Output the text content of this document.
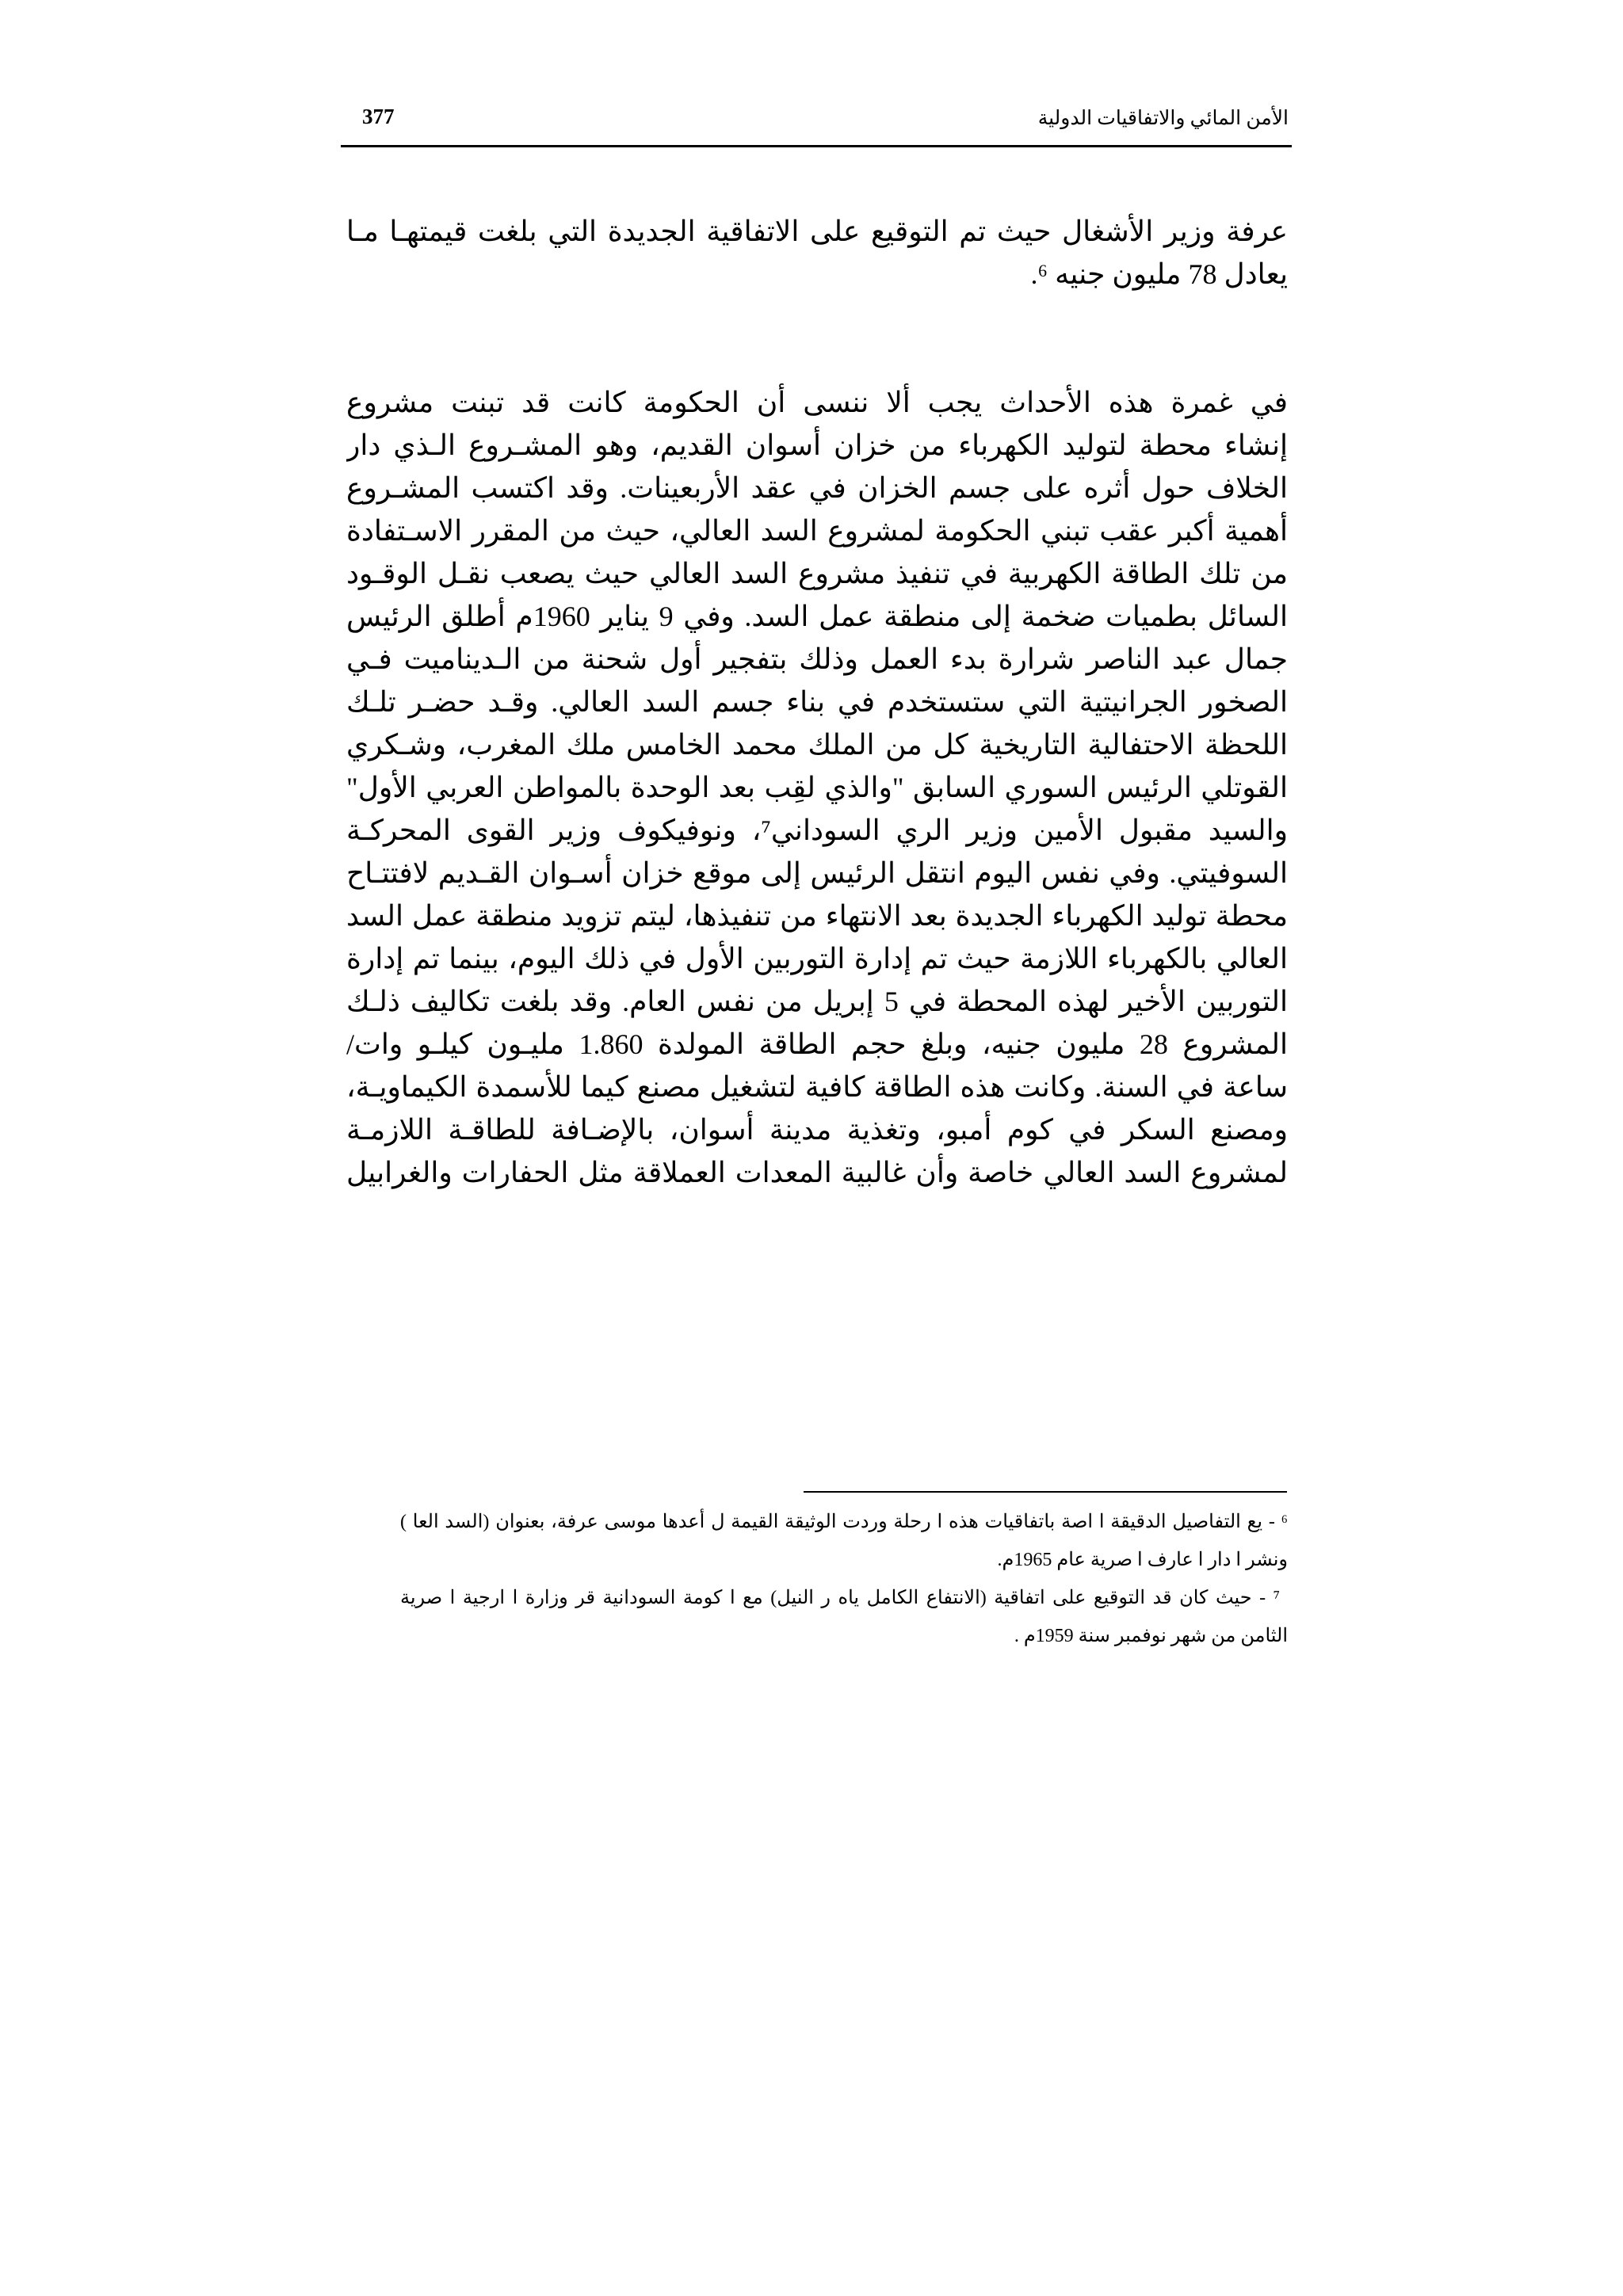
377	الأمن المائي والاتفاقيات الدولية
عرفة وزير الأشغال حيث تم التوقيع على الاتفاقية الجديدة التي بلغت قيمتهـا مـا
يعادل 78 مليون جنيه ⁶.
في غمرة هذه الأحداث يجب ألا ننسى أن الحكومة كانت قد تبنت مشروع
إنشاء محطة لتوليد الكهرباء من خزان أسوان القديم، وهو المشـروع الـذي دار
الخلاف حول أثره على جسم الخزان في عقد الأربعينات. وقد اكتسب المشـروع
أهمية أكبر عقب تبني الحكومة لمشروع السد العالي، حيث من المقرر الاسـتفادة
من تلك الطاقة الكهربية في تنفيذ مشروع السد العالي حيث يصعب نقـل الوقـود
السائل بطميات ضخمة إلى منطقة عمل السد. وفي 9 يناير 1960م أطلق الرئيس
جمال عبد الناصر شرارة بدء العمل وذلك بتفجير أول شحنة من الـديناميت فـي
الصخور الجرانيتية التي ستستخدم في بناء جسم السد العالي. وقـد حضـر تلـك
اللحظة الاحتفالية التاريخية كل من الملك محمد الخامس ملك المغرب، وشـكري
القوتلي الرئيس السوري السابق "والذي لقِب بعد الوحدة بالمواطن العربي الأول"
والسيد مقبول الأمين وزير الري السوداني⁷، ونوفيكوف وزير القوى المحركـة
السوفيتي. وفي نفس اليوم انتقل الرئيس إلى موقع خزان أسـوان القـديم لافتتـاح
محطة توليد الكهرباء الجديدة بعد الانتهاء من تنفيذها، ليتم تزويد منطقة عمل السد
العالي بالكهرباء اللازمة حيث تم إدارة التوربين الأول في ذلك اليوم، بينما تم إدارة
التوربين الأخير لهذه المحطة في 5 إبريل من نفس العام. وقد بلغت تكاليف ذلـك
المشروع 28 مليون جنيه، وبلغ حجم الطاقة المولدة 1.860 مليـون كيلـو وات/
ساعة في السنة. وكانت هذه الطاقة كافية لتشغيل مصنع كيما للأسمدة الكيماويـة،
ومصنع السكر في كوم أمبو، وتغذية مدينة أسوان، بالإضـافة للطاقـة اللازمـة
لمشروع السد العالي خاصة وأن غالبية المعدات العملاقة مثل الحفارات والغرابيل
⁶ - يع التفاصيل الدقيقة ا اصة باتفاقيات هذه ا رحلة وردت الوثيقة القيمة ل أعدها موسى عرفة، بعنوان (السد العا )
ونشر ا دار ا عارف ا صرية عام 1965م.
⁷ - حيث كان قد التوقيع على اتفاقية (الانتفاع الكامل ياه ر النيل) مع ا كومة السودانية قر وزارة ا ارجية ا صرية
الثامن من شهر نوفمبر سنة 1959م .
